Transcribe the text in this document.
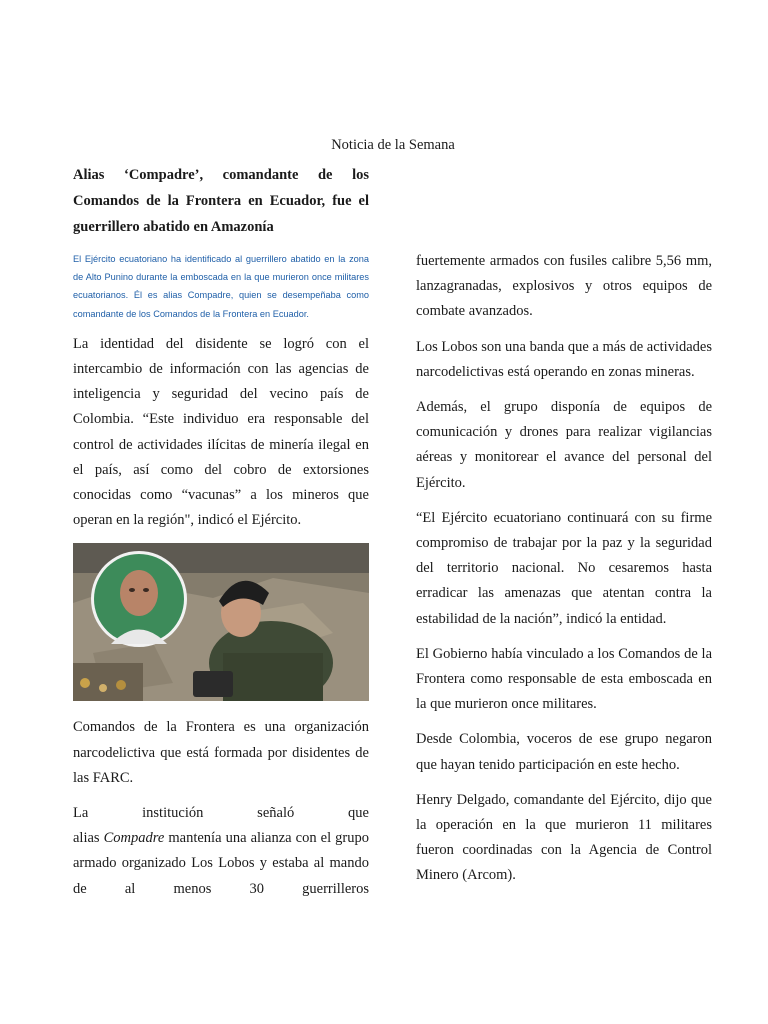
Noticia de la Semana
Alias ‘Compadre’, comandante de los Comandos de la Frontera en Ecuador, fue el guerrillero abatido en Amazonía

El Ejército ecuatoriano ha identificado al guerrillero abatido en la zona de Alto Punino durante la emboscada en la que murieron once militares ecuatorianos. Él es alias Compadre, quien se desempeñaba como comandante de los Comandos de la Frontera en Ecuador.

La identidad del disidente se logró con el intercambio de información con las agencias de inteligencia y seguridad del vecino país de Colombia. “Este individuo era responsable del control de actividades ilícitas de minería ilegal en el país, así como del cobro de extorsiones conocidas como “vacunas” a los mineros que operan en la región", indicó el Ejército.

Comandos de la Frontera es una organización narcodelictiva que está formada por disidentes de las FARC.

La institución señaló que

alias Compadre mantenía una alianza con el grupo armado organizado Los Lobos y estaba al mando de al menos 30 guerrilleros

fuertemente armados con fusiles calibre 5,56 mm, lanzagranadas, explosivos y otros equipos de combate avanzados.

Los Lobos son una banda que a más de actividades narcodelictivas está operando en zonas mineras.

Además, el grupo disponía de equipos de comunicación y drones para realizar vigilancias aéreas y monitorear el avance del personal del Ejército.

“El Ejército ecuatoriano continuará con su firme compromiso de trabajar por la paz y la seguridad del territorio nacional. No cesaremos hasta erradicar las amenazas que atentan contra la estabilidad de la nación”, indicó la entidad.

El Gobierno había vinculado a los Comandos de la Frontera como responsable de esta emboscada en la que murieron once militares.

Desde Colombia, voceros de ese grupo negaron que hayan tenido participación en este hecho.

Henry Delgado, comandante del Ejército, dijo que la operación en la que murieron 11 militares fueron coordinadas con la Agencia de Control Minero (Arcom).
